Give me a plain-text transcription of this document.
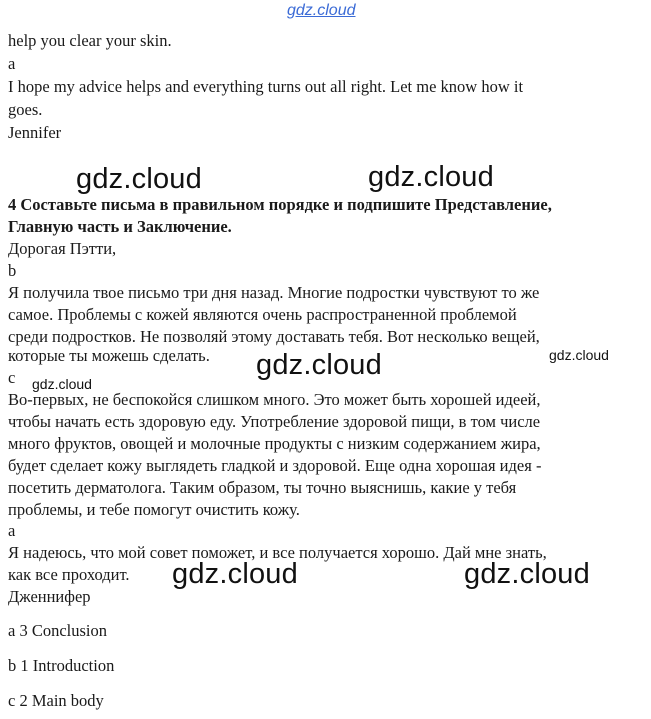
gdz.cloud
help you clear your skin.
a
I hope my advice helps and everything turns out all right. Let me know how it
goes.
Jennifer
gdz.cloud	gdz.cloud
4 Составьте письма в правильном порядке и подпишите Представление,
Главную часть и Заключение.
Дорогая Пэтти,
b
Я получила твое письмо три дня назад. Многие подростки чувствуют то же
самое. Проблемы с кожей являются очень распространенной проблемой
среди подростков. Не позволяй этому доставать тебя. Вот несколько вещей,
которые ты можешь сделать. gdz.cloud	gdz.cloud
c gdz.cloud
Во-первых, не беспокойся слишком много. Это может быть хорошей идеей,
чтобы начать есть здоровую еду. Употребление здоровой пищи, в том числе
много фруктов, овощей и молочные продукты с низким содержанием жира,
будет сделает кожу выглядеть гладкой и здоровой. Еще одна хорошая идея -
посетить дерматолога. Таким образом, ты точно выяснишь, какие у тебя
проблемы, и тебе помогут очистить кожу.
a
Я надеюсь, что мой совет поможет, и все получается хорошо. Дай мне знать,
как все проходит. gdz.cloud	gdz.cloud
Дженнифер
a 3 Conclusion
b 1 Introduction
c 2 Main body
